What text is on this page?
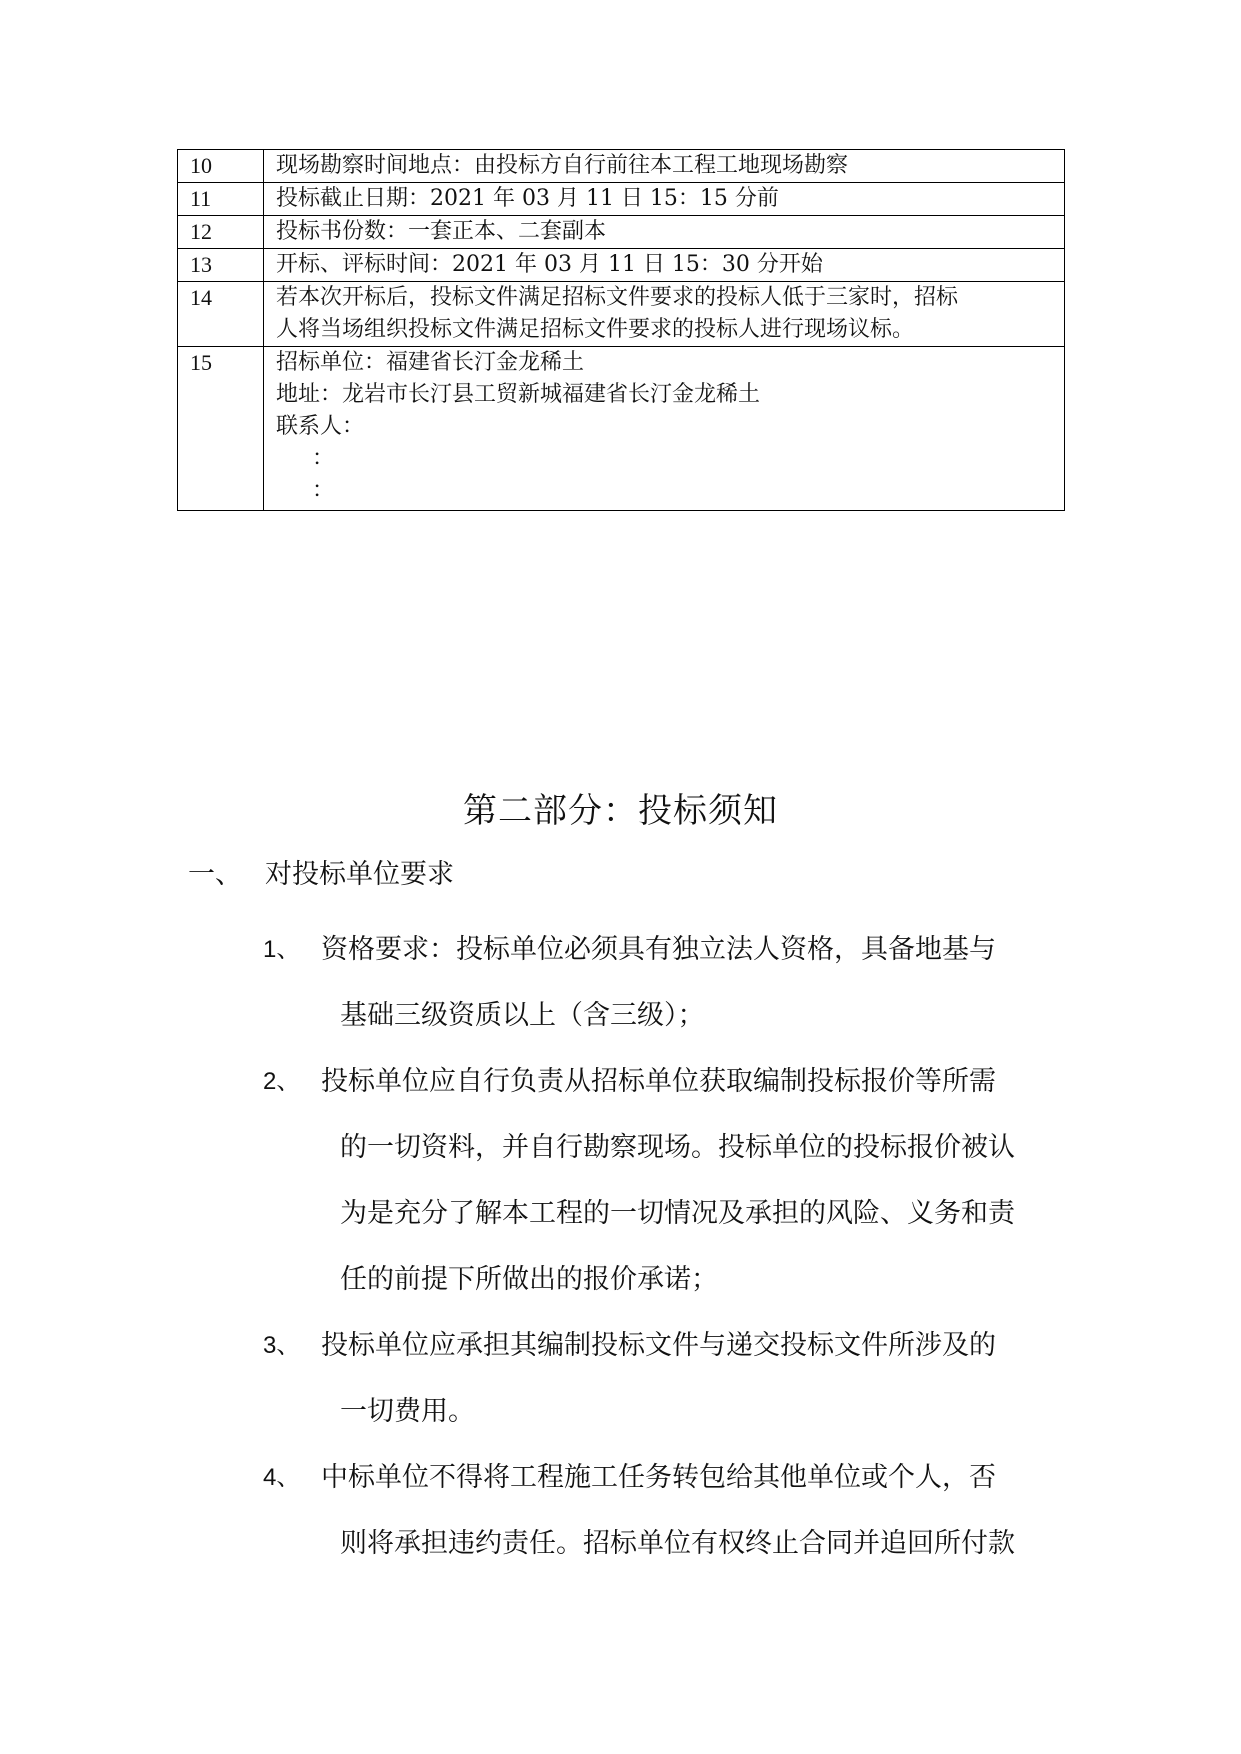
10	现场勘察时间地点：由投标方自行前往本工程工地现场勘察

11	投标截止日期：2021 年 03 月 11 日 15：15 分前

12	投标书份数：一套正本、二套副本

13	开标、评标时间：2021 年 03 月 11 日 15：30 分开始

14	若本次开标后，投标文件满足招标文件要求的投标人低于三家时，招标
人将当场组织投标文件满足招标文件要求的投标人进行现场议标。

15	招标单位：福建省长汀金龙稀土
地址：龙岩市长汀县工贸新城福建省长汀金龙稀土
联系人：
：
：
第二部分：投标须知
一、 对投标单位要求
1、 资格要求：投标单位必须具有独立法人资格，具备地基与
基础三级资质以上（含三级）；
2、 投标单位应自行负责从招标单位获取编制投标报价等所需
的一切资料，并自行勘察现场。投标单位的投标报价被认
为是充分了解本工程的一切情况及承担的风险、义务和责
任的前提下所做出的报价承诺；
3、 投标单位应承担其编制投标文件与递交投标文件所涉及的
一切费用。
4、 中标单位不得将工程施工任务转包给其他单位或个人，否
则将承担违约责任。招标单位有权终止合同并追回所付款
